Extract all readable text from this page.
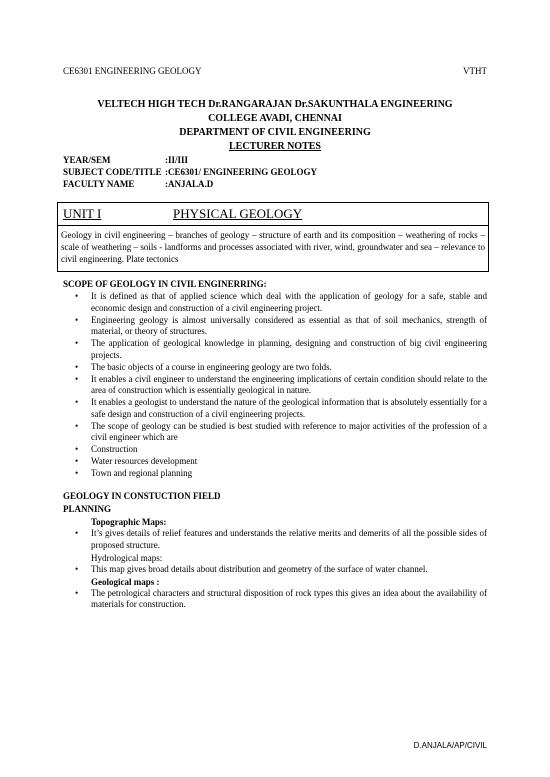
CE6301 ENGINEERING GEOLOGY	VTHT
VELTECH HIGH TECH Dr.RANGARAJAN Dr.SAKUNTHALA ENGINEERING
COLLEGE AVADI, CHENNAI
DEPARTMENT OF CIVIL ENGINEERING
LECTURER NOTES
YEAR/SEM	:II/III
SUBJECT CODE/TITLE :CE6301/ ENGINEERING GEOLOGY
FACULTY NAME	:ANJALA.D
UNIT I	PHYSICAL GEOLOGY
Geology in civil engineering – branches of geology – structure of earth and its composition – weathering of rocks – scale of weathering – soils - landforms and processes associated with river, wind, groundwater and sea – relevance to civil engineering. Plate tectonics
SCOPE OF GEOLOGY IN CIVIL ENGINERRING:
• It is defined as that of applied science which deal with the application of geology for a safe, stable and economic design and construction of a civil engineering project.
• Engineering geology is almost universally considered as essential as that of soil mechanics, strength of material, or theory of structures.
• The application of geological knowledge in planning, designing and construction of big civil engineering projects.
• The basic objects of a course in engineering geology are two folds.
• It enables a civil engineer to understand the engineering implications of certain condition should relate to the area of construction which is essentially geological in nature.
• It enables a geologist to understand the nature of the geological information that is absolutely essentially for a safe design and construction of a civil engineering projects.
• The scope of geology can be studied is best studied with reference to major activities of the profession of a civil engineer which are
• Construction
• Water resources development
• Town and regional planning
GEOLOGY IN CONSTUCTION FIELD
PLANNING
Topographic Maps:
• It’s gives details of relief features and understands the relative merits and demerits of all the possible sides of proposed structure.
Hydrological maps:
• This map gives broad details about distribution and geometry of the surface of water channel.
Geological maps :
• The petrological characters and structural disposition of rock types this gives an idea about the availability of materials for construction.
D.ANJALA/AP/CIVIL
